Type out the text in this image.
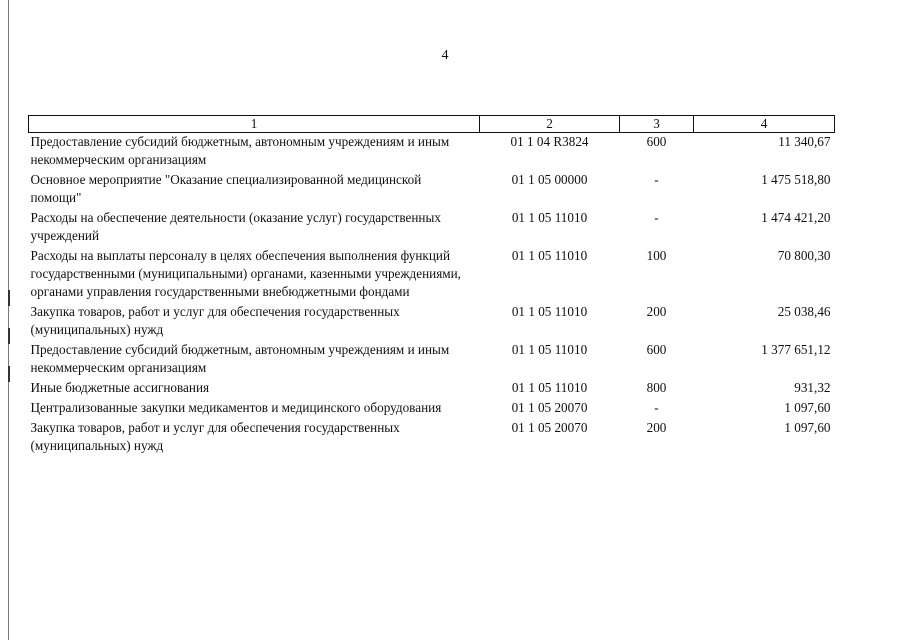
4
1	2	3	4
Предоставление субсидий бюджетным, автономным учреждениям и иным некоммерческим организациям	01 1 04 R3824	600	11 340,67
Основное мероприятие "Оказание специализированной медицинской помощи"	01 1 05 00000	-	1 475 518,80
Расходы на обеспечение деятельности (оказание услуг) государственных учреждений	01 1 05 11010	-	1 474 421,20
Расходы на выплаты персоналу в целях обеспечения выполнения функций государственными (муниципальными) органами, казенными учреждениями, органами управления государственными внебюджетными фондами	01 1 05 11010	100	70 800,30
Закупка товаров, работ и услуг для обеспечения государственных (муниципальных) нужд	01 1 05 11010	200	25 038,46
Предоставление субсидий бюджетным, автономным учреждениям и иным некоммерческим организациям	01 1 05 11010	600	1 377 651,12
Иные бюджетные ассигнования	01 1 05 11010	800	931,32
Централизованные закупки медикаментов и медицинского оборудования	01 1 05 20070	-	1 097,60
Закупка товаров, работ и услуг для обеспечения государственных (муниципальных) нужд	01 1 05 20070	200	1 097,60
